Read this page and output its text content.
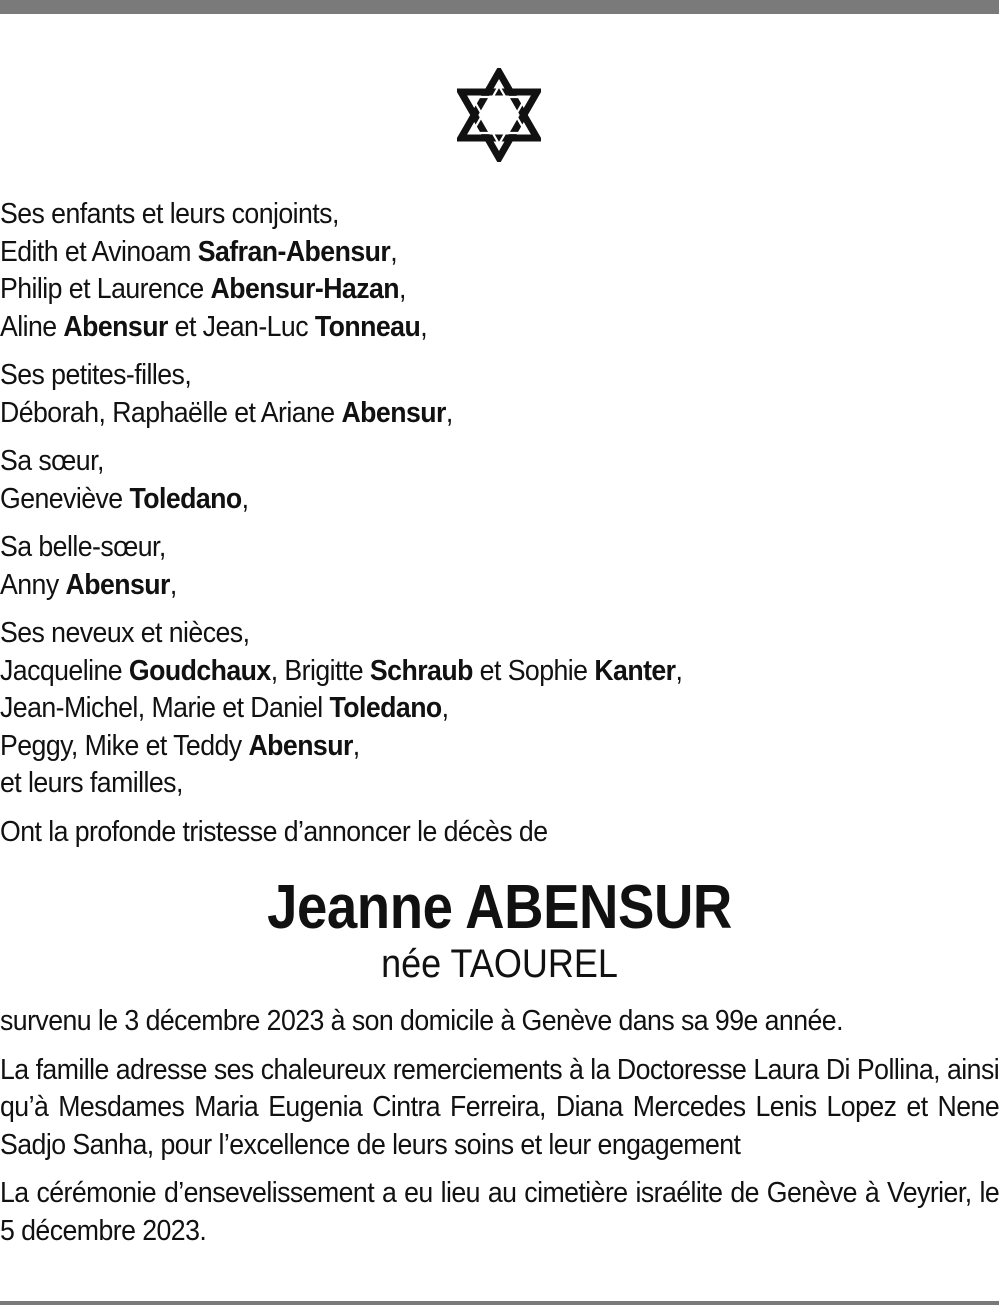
Ses enfants et leurs conjoints,
Edith et Avinoam Safran-Abensur,
Philip et Laurence Abensur-Hazan,
Aline Abensur et Jean-Luc Tonneau,

Ses petites-filles,
Déborah, Raphaëlle et Ariane Abensur,

Sa sœur,
Geneviève Toledano,

Sa belle-sœur,
Anny Abensur,

Ses neveux et nièces,
Jacqueline Goudchaux, Brigitte Schraub et Sophie Kanter,
Jean-Michel, Marie et Daniel Toledano,
Peggy, Mike et Teddy Abensur,
et leurs familles,

Ont la profonde tristesse d’annoncer le décès de

Jeanne ABENSUR
née TAOUREL

survenu le 3 décembre 2023 à son domicile à Genève dans sa 99e année.

La famille adresse ses chaleureux remerciements à la Doctoresse Laura Di Pollina, ainsi qu’à Mesdames Maria Eugenia Cintra Ferreira, Diana Mercedes Lenis Lopez et Nene Sadjo Sanha, pour l’excellence de leurs soins et leur engagement

La cérémonie d’ensevelissement a eu lieu au cimetière israélite de Genève à Veyrier, le 5 décembre 2023.
